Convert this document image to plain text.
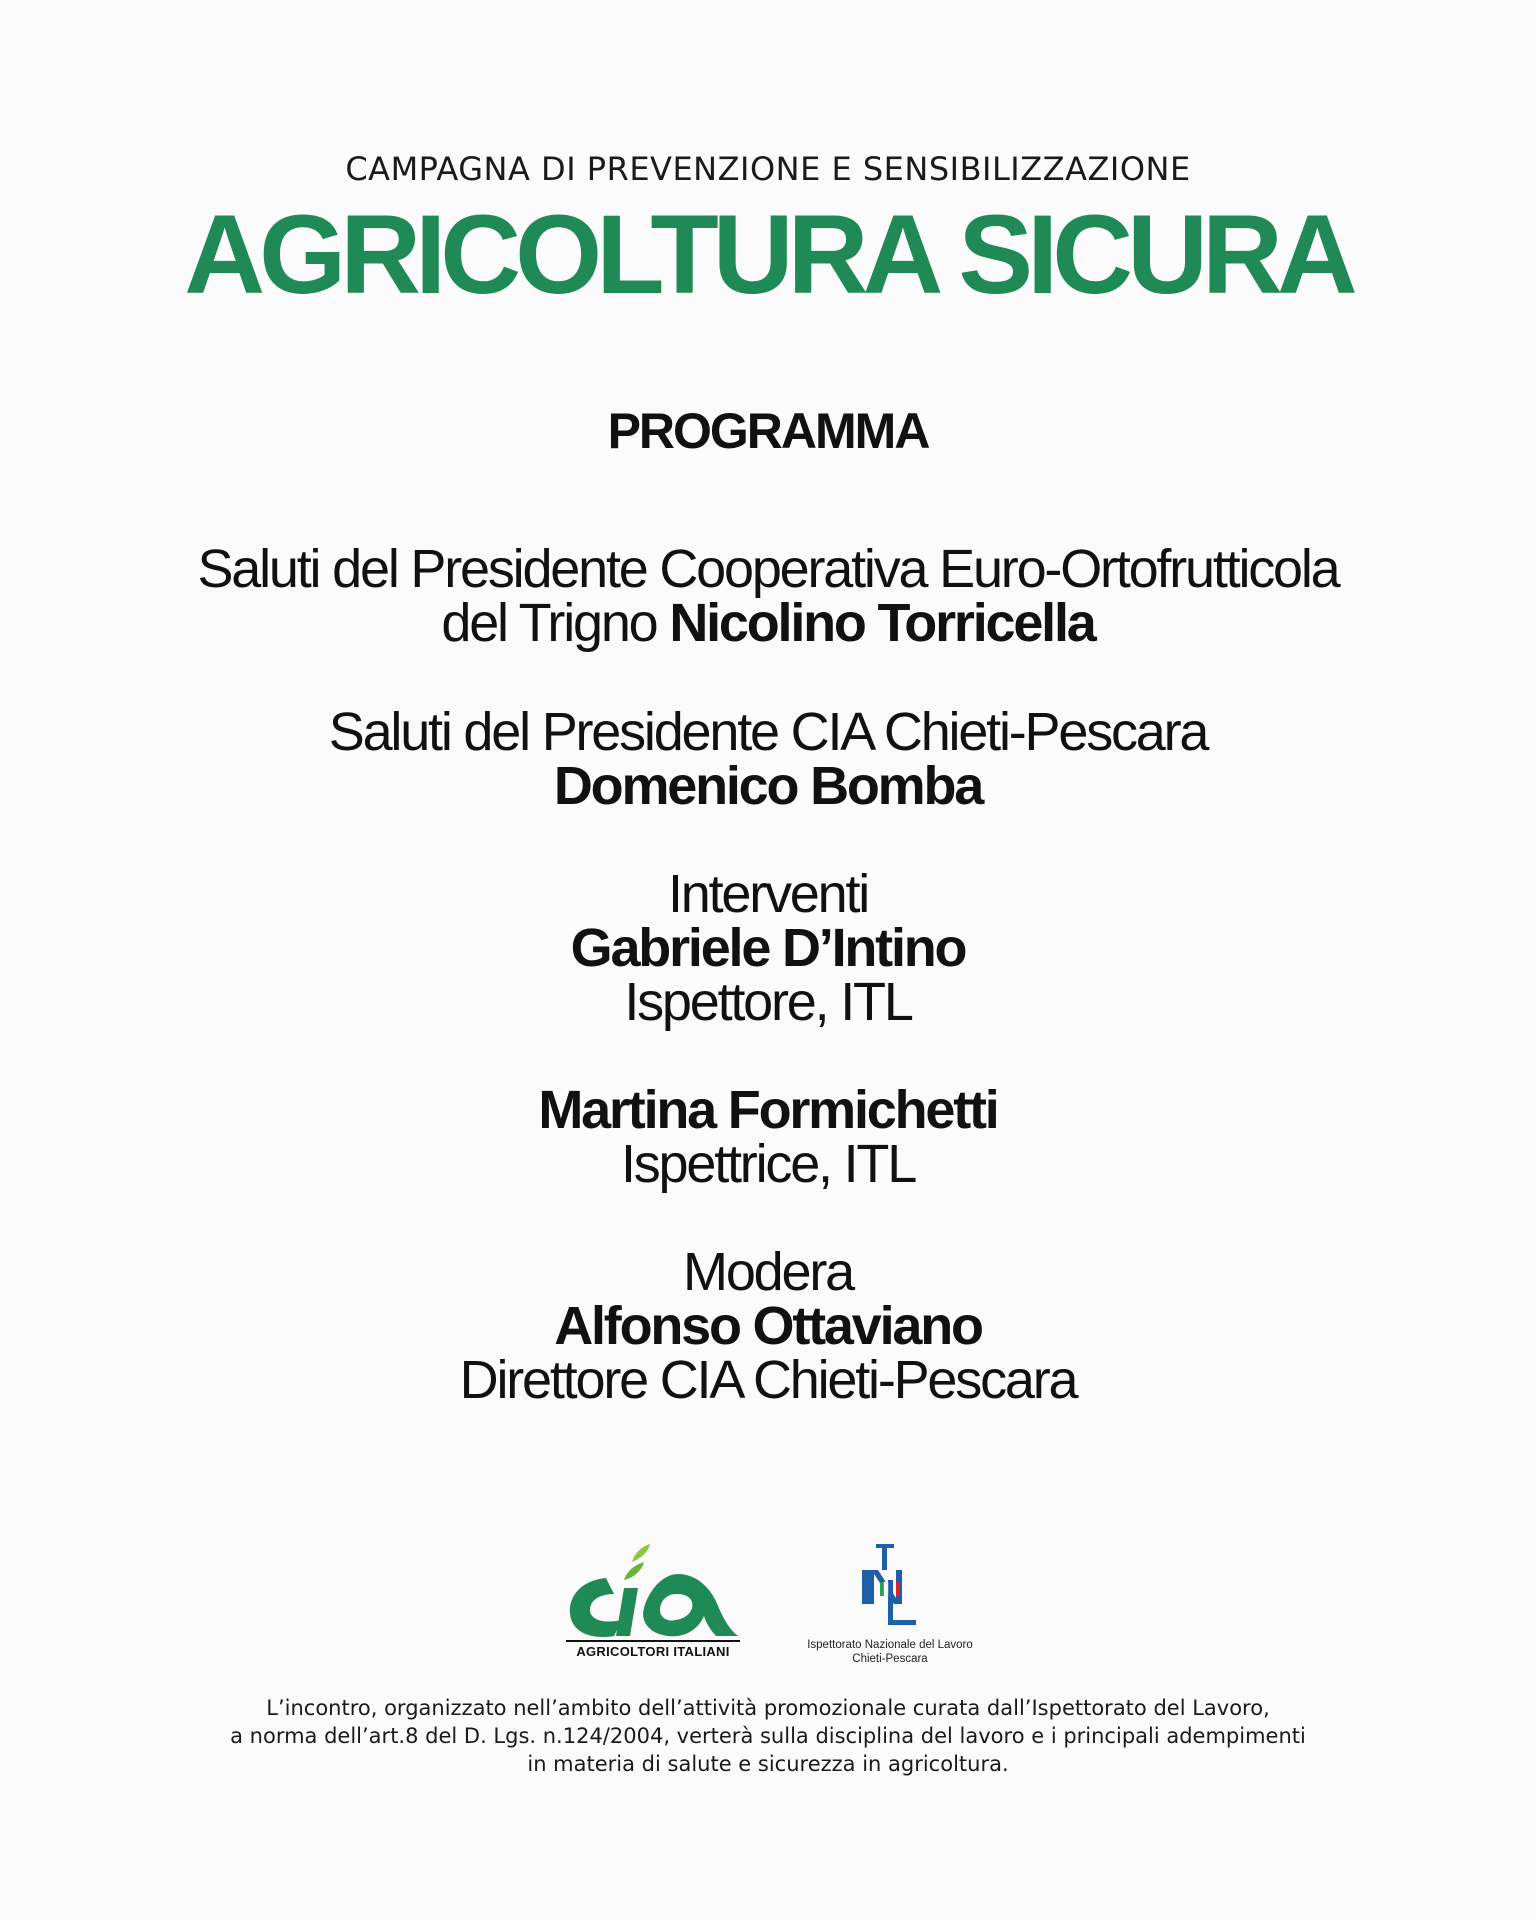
CAMPAGNA DI PREVENZIONE E SENSIBILIZZAZIONE
AGRICOLTURA SICURA
PROGRAMMA
Saluti del Presidente Cooperativa Euro-Ortofrutticola
del Trigno Nicolino Torricella
Saluti del Presidente CIA Chieti-Pescara
Domenico Bomba
Interventi
Gabriele D’Intino
Ispettore, ITL
Martina Formichetti
Ispettrice, ITL
Modera
Alfonso Ottaviano
Direttore CIA Chieti-Pescara
AGRICOLTORI ITALIANI	Ispettorato Nazionale del Lavoro
Chieti-Pescara
L’incontro, organizzato nell’ambito dell’attività promozionale curata dall’Ispettorato del Lavoro,
a norma dell’art.8 del D. Lgs. n.124/2004, verterà sulla disciplina del lavoro e i principali adempimenti
in materia di salute e sicurezza in agricoltura.
